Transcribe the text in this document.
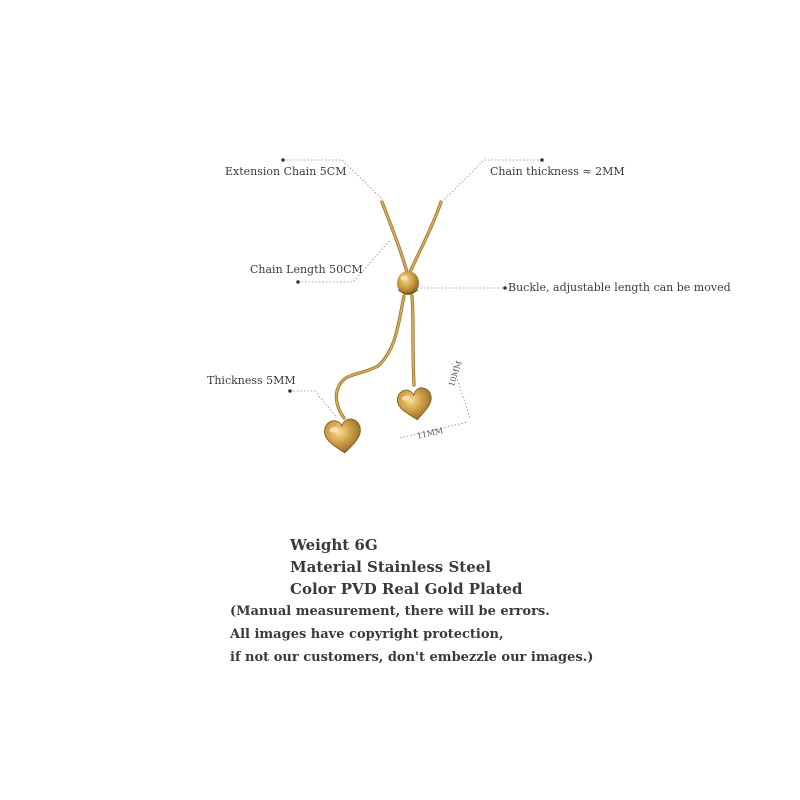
Extension Chain 5CM	Chain thickness ≈ 2MM
Chain Length 50CM
Buckle, adjustable length can be moved
Thickness 5MM	10MM
11MM
Weight 6G
Material Stainless Steel
Color PVD Real Gold Plated
(Manual measurement, there will be errors.
All images have copyright protection,
if not our customers, don't embezzle our images.)
